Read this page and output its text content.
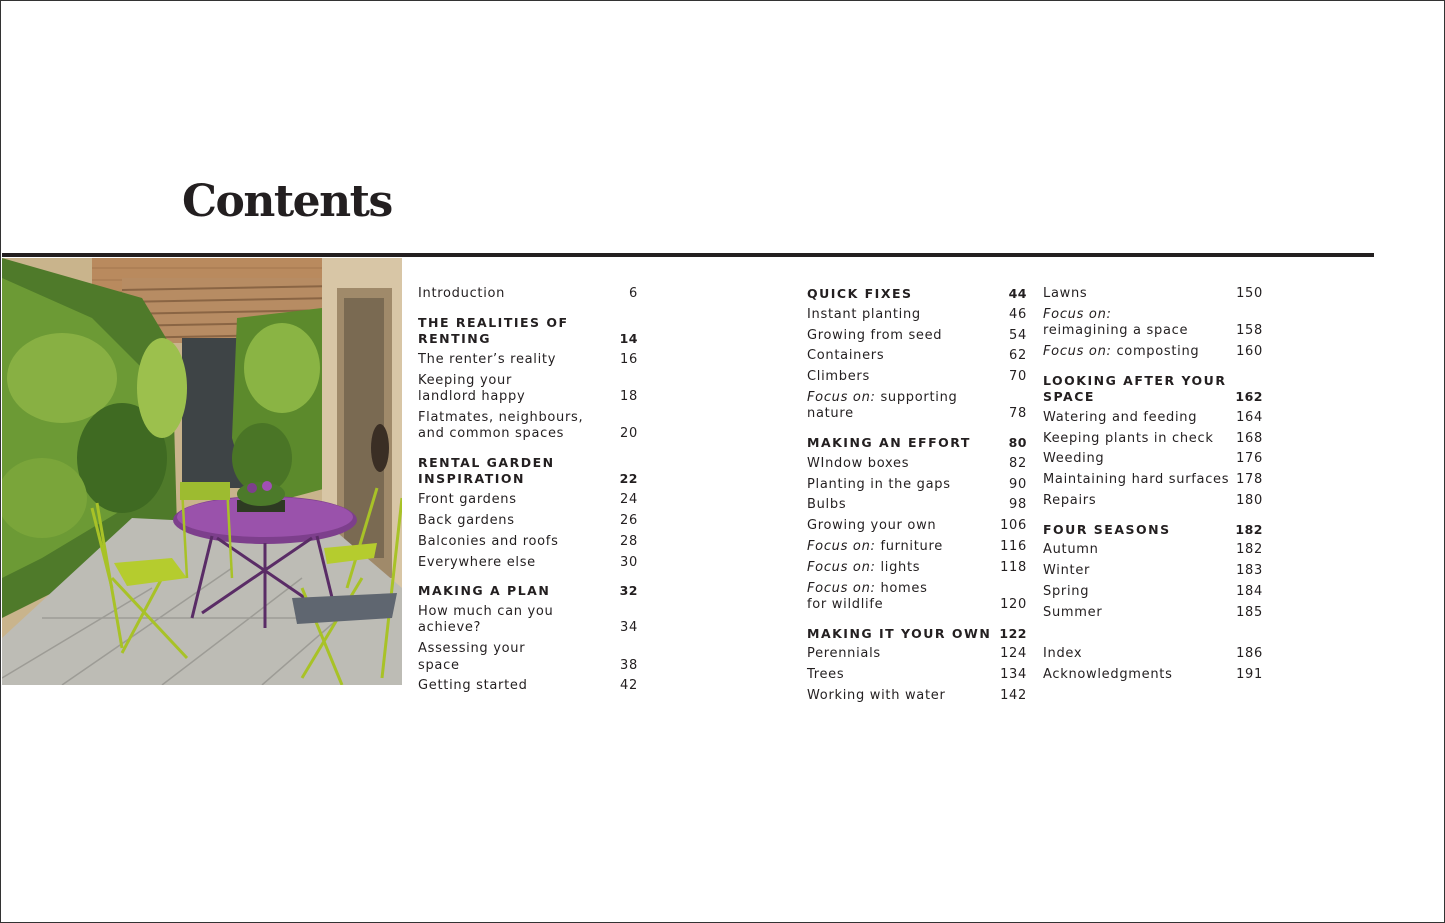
Contents
Introduction	6
THE REALITIES OF RENTING	14
The renter’s reality	16
Keeping your
landlord happy	18
Flatmates, neighbours,
and common spaces	20
RENTAL GARDEN
INSPIRATION	22
Front gardens	24
Back gardens	26
Balconies and roofs	28
Everywhere else	30
MAKING A PLAN	32
How much can you
achieve?	34
Assessing your
space	38
Getting started	42
QUICK FIXES	44
Instant planting	46
Growing from seed	54
Containers	62
Climbers	70
Focus on: supporting nature	78
MAKING AN EFFORT	80
WIndow boxes	82
Planting in the gaps	90
Bulbs	98
Growing your own	106
Focus on: furniture	116
Focus on: lights	118
Focus on: homes
for wildlife	120
MAKING IT YOUR OWN 122
Perennials	124
Trees	134
Working with water	142
Lawns	150
Focus on:
reimagining a space	158
Focus on: composting	160
LOOKING AFTER YOUR
SPACE	162
Watering and feeding	164
Keeping plants in check 168
Weeding	176
Maintaining hard surfaces 178
Repairs	180
FOUR SEASONS	182
Autumn	182
Winter	183
Spring	184
Summer	185
Index	186
Acknowledgments	191
